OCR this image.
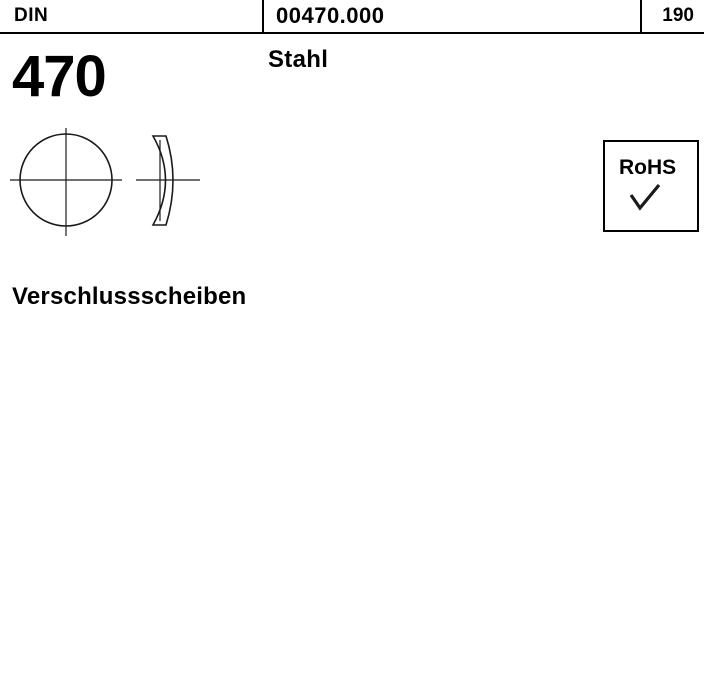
DIN	00470.000	190
470	Stahl
RoHS
Verschlussscheiben
